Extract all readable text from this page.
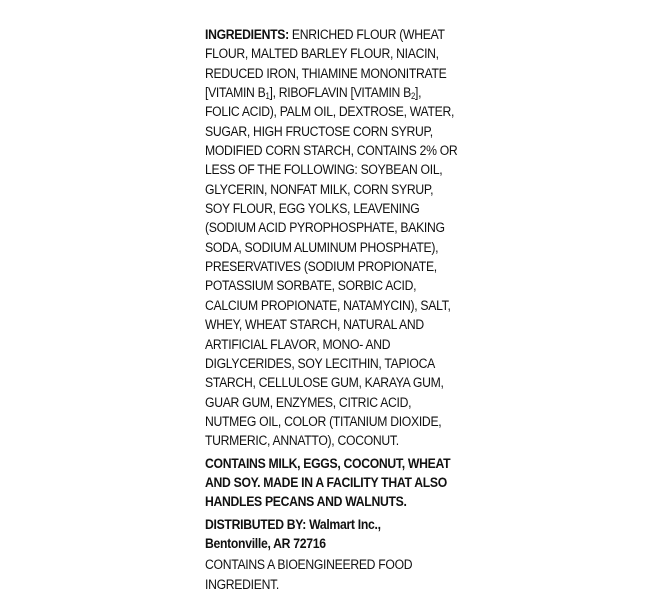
INGREDIENTS: ENRICHED FLOUR (WHEAT
FLOUR, MALTED BARLEY FLOUR, NIACIN,
REDUCED IRON, THIAMINE MONONITRATE
[VITAMIN $B_1$], RIBOFLAVIN [VITAMIN $B_2$],
FOLIC ACID), PALM OIL, DEXTROSE, WATER,
SUGAR, HIGH FRUCTOSE CORN SYRUP,
MODIFIED CORN STARCH, CONTAINS 2% OR
LESS OF THE FOLLOWING: SOYBEAN OIL,
GLYCERIN, NONFAT MILK, CORN SYRUP,
SOY FLOUR, EGG YOLKS, LEAVENING
(SODIUM ACID PYROPHOSPHATE, BAKING
SODA, SODIUM ALUMINUM PHOSPHATE),
PRESERVATIVES (SODIUM PROPIONATE,
POTASSIUM SORBATE, SORBIC ACID,
CALCIUM PROPIONATE, NATAMYCIN), SALT,
WHEY, WHEAT STARCH, NATURAL AND
ARTIFICIAL FLAVOR, MONO- AND
DIGLYCERIDES, SOY LECITHIN, TAPIOCA
STARCH, CELLULOSE GUM, KARAYA GUM,
GUAR GUM, ENZYMES, CITRIC ACID,
NUTMEG OIL, COLOR (TITANIUM DIOXIDE,
TURMERIC, ANNATTO), COCONUT.
CONTAINS MILK, EGGS, COCONUT, WHEAT
AND SOY. MADE IN A FACILITY THAT ALSO
HANDLES PECANS AND WALNUTS.
DISTRIBUTED BY: Walmart Inc.,
Bentonville, AR 72716
CONTAINS A BIOENGINEERED FOOD
INGREDIENT.
